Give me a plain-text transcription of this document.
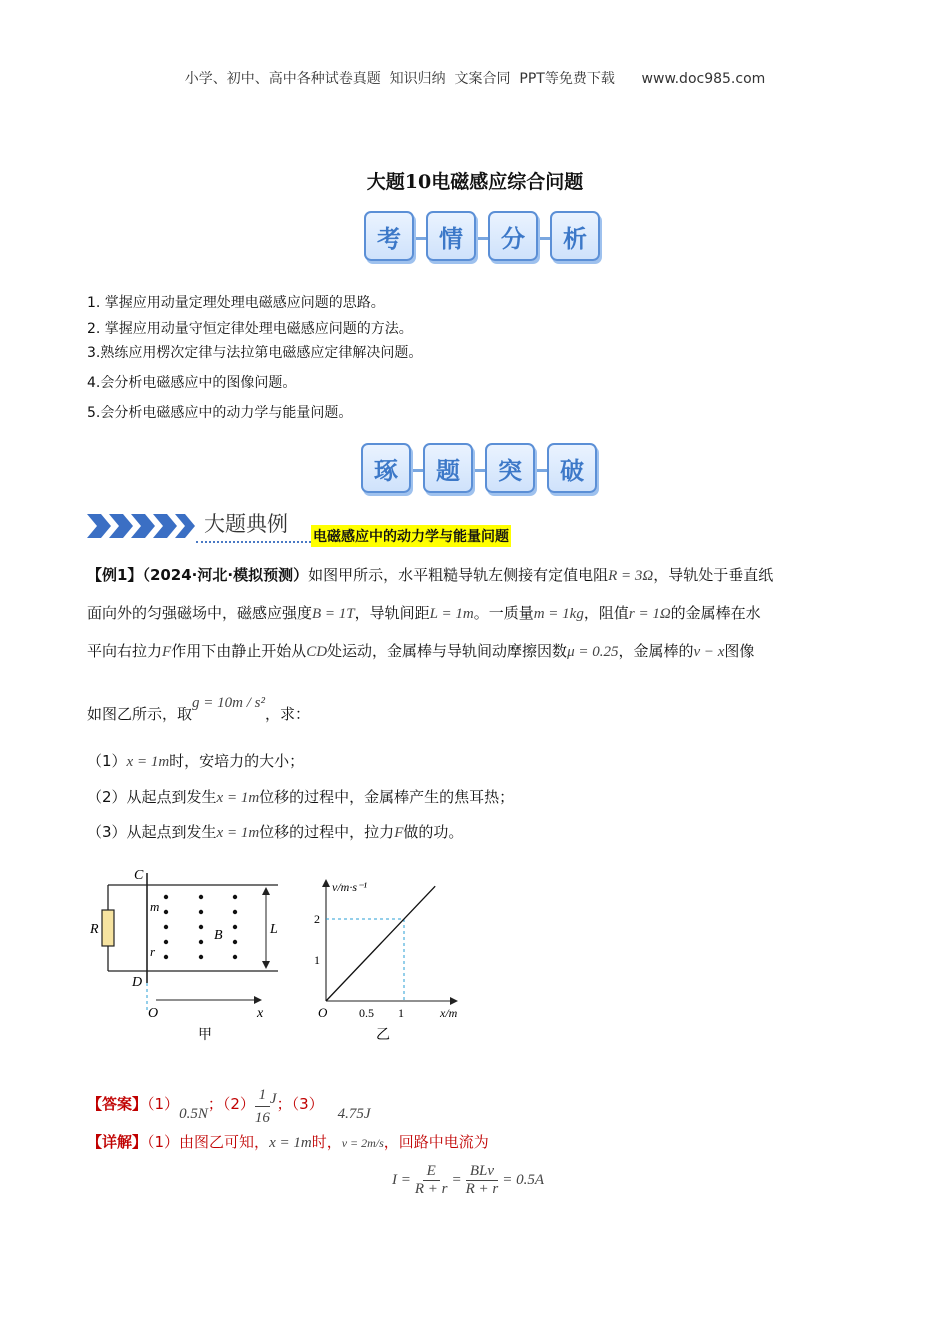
小学、初中、高中各种试卷真题  知识归纳  文案合同  PPT等免费下载      www.doc985.com
大题10电磁感应综合问题
考	情	分	析
1. 掌握应用动量定理处理电磁感应问题的思路。
2. 掌握应用动量守恒定律处理电磁感应问题的方法。
3.熟练应用楞次定律与法拉第电磁感应定律解决问题。
4.会分析电磁感应中的图像问题。
5.会分析电磁感应中的动力学与能量问题。
琢	题	突	破
大题典例
电磁感应中的动力学与能量问题
【例1】（2024·河北·模拟预测）如图甲所示，水平粗糙导轨左侧接有定值电阻R = 3Ω，导轨处于垂直纸
面向外的匀强磁场中，磁感应强度B = 1T，导轨间距L = 1m。一质量m = 1kg，阻值r = 1Ω的金属棒在水
平向右拉力F作用下由静止开始从CD处运动，金属棒与导轨间动摩擦因数μ = 0.25，金属棒的v − x图像
如图乙所示，取g = 10m / s²，求：
（1）x = 1m时，安培力的大小；
（2）从起点到发生x = 1m位移的过程中，金属棒产生的焦耳热；
（3）从起点到发生x = 1m位移的过程中，拉力F做的功。
C
D
R
m
r
B	L
O	x
甲
v/m·s⁻¹
x/m
O	0.5 1
1
2
乙
【答案】（1）0.5N；$(2) \frac{1}{16}$ J；（3）4.75J
【详解】（1）由图乙可知，x = 1m时，v = 2m/s，回路中电流为
$I = \frac{E}{R + r}$ =
BLv
R + r
= 0.5A
